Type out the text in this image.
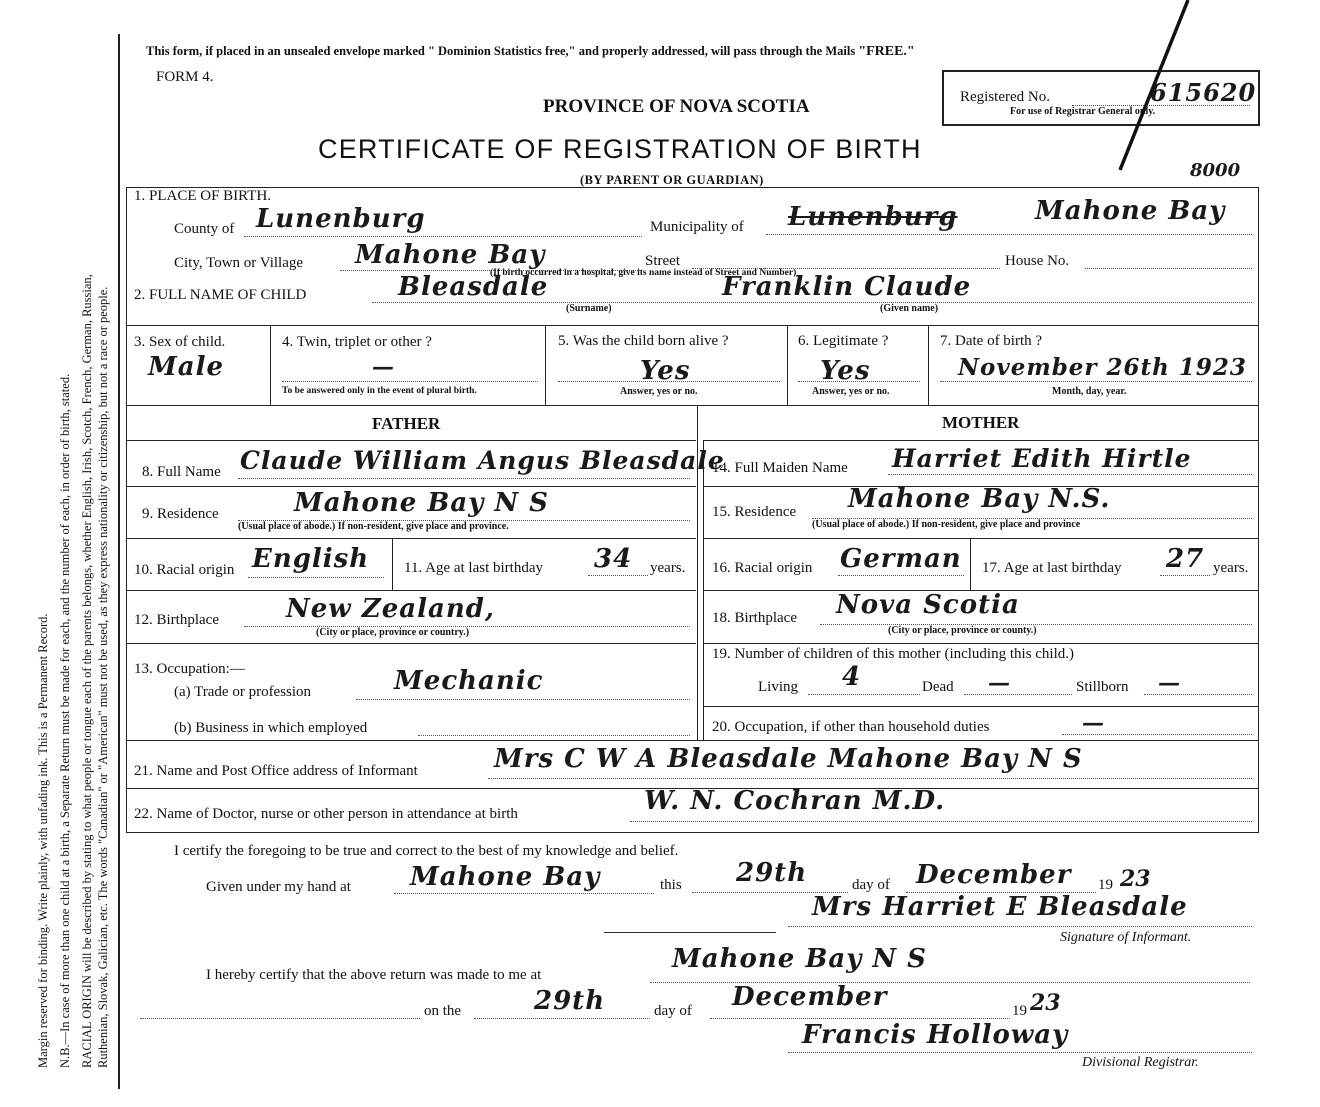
Margin reserved for binding. Write plainly, with unfading ink. This is a Permanent Record. N.B.—In case of more than one child at a birth, a Separate Return must be made for each, and the number of each, in order of birth, stated. RACIAL ORIGIN will be described by stating to what people or tongue each of the parents belongs, whether English, Irish, Scotch, French, German, Russian, Ruthenian, Slovak, Galician, etc. The words "Canadian" or "American" must not be used, as they express nationality or citizenship, but not a race or people.
This form, if placed in an unsealed envelope marked " Dominion Statistics free," and properly addressed, will pass through the Mails "FREE."
FORM 4.
PROVINCE OF NOVA SCOTIA
CERTIFICATE OF REGISTRATION OF BIRTH
(BY PARENT OR GUARDIAN)
Registered No.	615620
For use of Registrar General only.
8000
1. PLACE OF BIRTH.
County of Lunenburg	Municipality of Lunenburg	Mahone Bay
City, Town or Village Mahone Bay	Street	House No.
(If birth occurred in a hospital, give its name instead of Street and Number)
2. FULL NAME OF CHILD	Bleasdale	Franklin Claude
(Surname)	(Given name)
3. Sex of child.
Male
4. Twin, triplet or other ?
—
To be answered only in the event of plural birth.
5. Was the child born alive ?
Yes
Answer, yes or no.
6. Legitimate ?
Yes
Answer, yes or no.
7. Date of birth ?
November 26th 1923
Month, day, year.
FATHER	MOTHER
8. Full Name Claude William Angus Bleasdale
9. Residence	Mahone Bay N S
(Usual place of abode.) If non-resident, give place and province.
10. Racial origin English 11. Age at last birthday 34 years.
12. Birthplace	New Zealand,
(City or place, province or country.)
13. Occupation:—
(a) Trade or profession	Mechanic
(b) Business in which employed
14. Full Maiden Name Harriet Edith Hirtle
15. Residence Mahone Bay N.S.
(Usual place of abode.) If non-resident, give place and province
16. Racial origin German 17. Age at last birthday 27 years.
18. Birthplace Nova Scotia
(City or place, province or county.)
19. Number of children of this mother (including this child.)
Living 4	Dead —	Stillborn —
20. Occupation, if other than household duties	—
21. Name and Post Office address of Informant	Mrs C W A Bleasdale Mahone Bay N S
22. Name of Doctor, nurse or other person in attendance at birth	W. N. Cochran M.D.
I certify the foregoing to be true and correct to the best of my knowledge and belief.
Given under my hand at Mahone Bay	this 29th	day of December 19 23
Mrs Harriet E Bleasdale
Signature of Informant.
I hereby certify that the above return was made to me at
Mahone Bay N S
on the	29th	day of December	19 23
Francis Holloway
Divisional Registrar.
